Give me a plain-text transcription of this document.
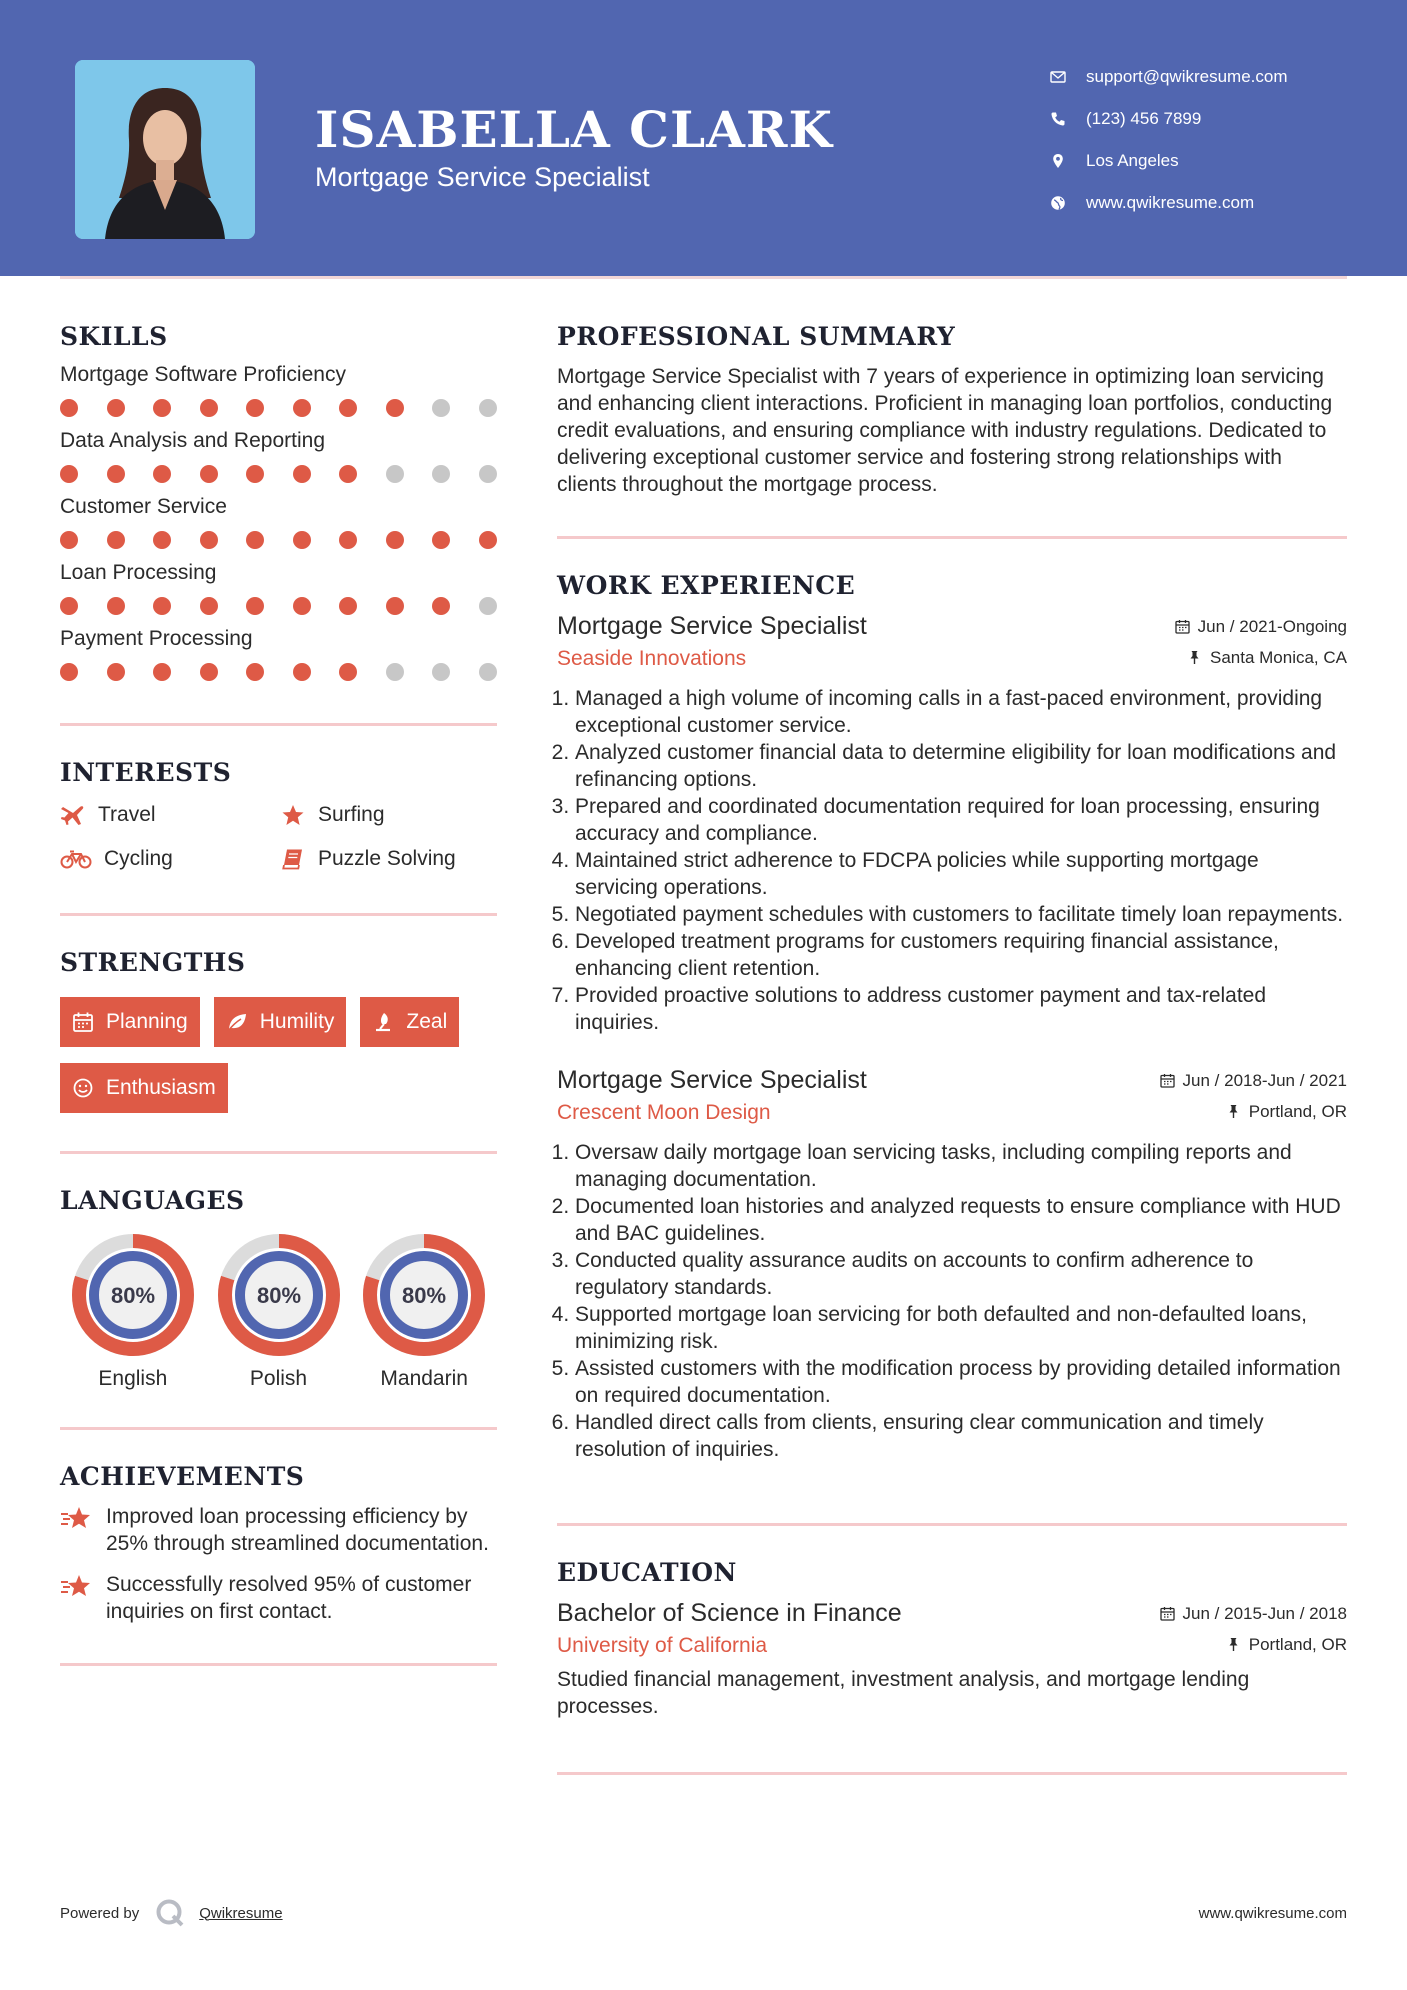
ISABELLA CLARK
Mortgage Service Specialist
support@qwikresume.com
(123) 456 7899
Los Angeles
www.qwikresume.com
SKILLS
Mortgage Software Proficiency
Data Analysis and Reporting
Customer Service
Loan Processing
Payment Processing
INTERESTS
Travel	Surfing
Cycling	Puzzle Solving
STRENGTHS
Planning	Humility	Zeal
Enthusiasm
LANGUAGES
80%
English
80%
Polish
80%
Mandarin
ACHIEVEMENTS
Improved loan processing efficiency by 25% through streamlined documentation.
Successfully resolved 95% of customer inquiries on first contact.
PROFESSIONAL SUMMARY
Mortgage Service Specialist with 7 years of experience in optimizing loan servicing and enhancing client interactions. Proficient in managing loan portfolios, conducting credit evaluations, and ensuring compliance with industry regulations. Dedicated to delivering exceptional customer service and fostering strong relationships with clients throughout the mortgage process.
WORK EXPERIENCE
Mortgage Service Specialist	Jun / 2021-Ongoing
Seaside Innovations	Santa Monica, CA
1. Managed a high volume of incoming calls in a fast-paced environment, providing exceptional customer service.
2. Analyzed customer financial data to determine eligibility for loan modifications and refinancing options.
3. Prepared and coordinated documentation required for loan processing, ensuring accuracy and compliance.
4. Maintained strict adherence to FDCPA policies while supporting mortgage servicing operations.
5. Negotiated payment schedules with customers to facilitate timely loan repayments.
6. Developed treatment programs for customers requiring financial assistance, enhancing client retention.
7. Provided proactive solutions to address customer payment and tax-related inquiries.
Mortgage Service Specialist	Jun / 2018-Jun / 2021
Crescent Moon Design	Portland, OR
1. Oversaw daily mortgage loan servicing tasks, including compiling reports and managing documentation.
2. Documented loan histories and analyzed requests to ensure compliance with HUD and BAC guidelines.
3. Conducted quality assurance audits on accounts to confirm adherence to regulatory standards.
4. Supported mortgage loan servicing for both defaulted and non-defaulted loans, minimizing risk.
5. Assisted customers with the modification process by providing detailed information on required documentation.
6. Handled direct calls from clients, ensuring clear communication and timely resolution of inquiries.
EDUCATION
Bachelor of Science in Finance	Jun / 2015-Jun / 2018
University of California	Portland, OR
Studied financial management, investment analysis, and mortgage lending processes.
Powered by	Qwikresume	www.qwikresume.com
